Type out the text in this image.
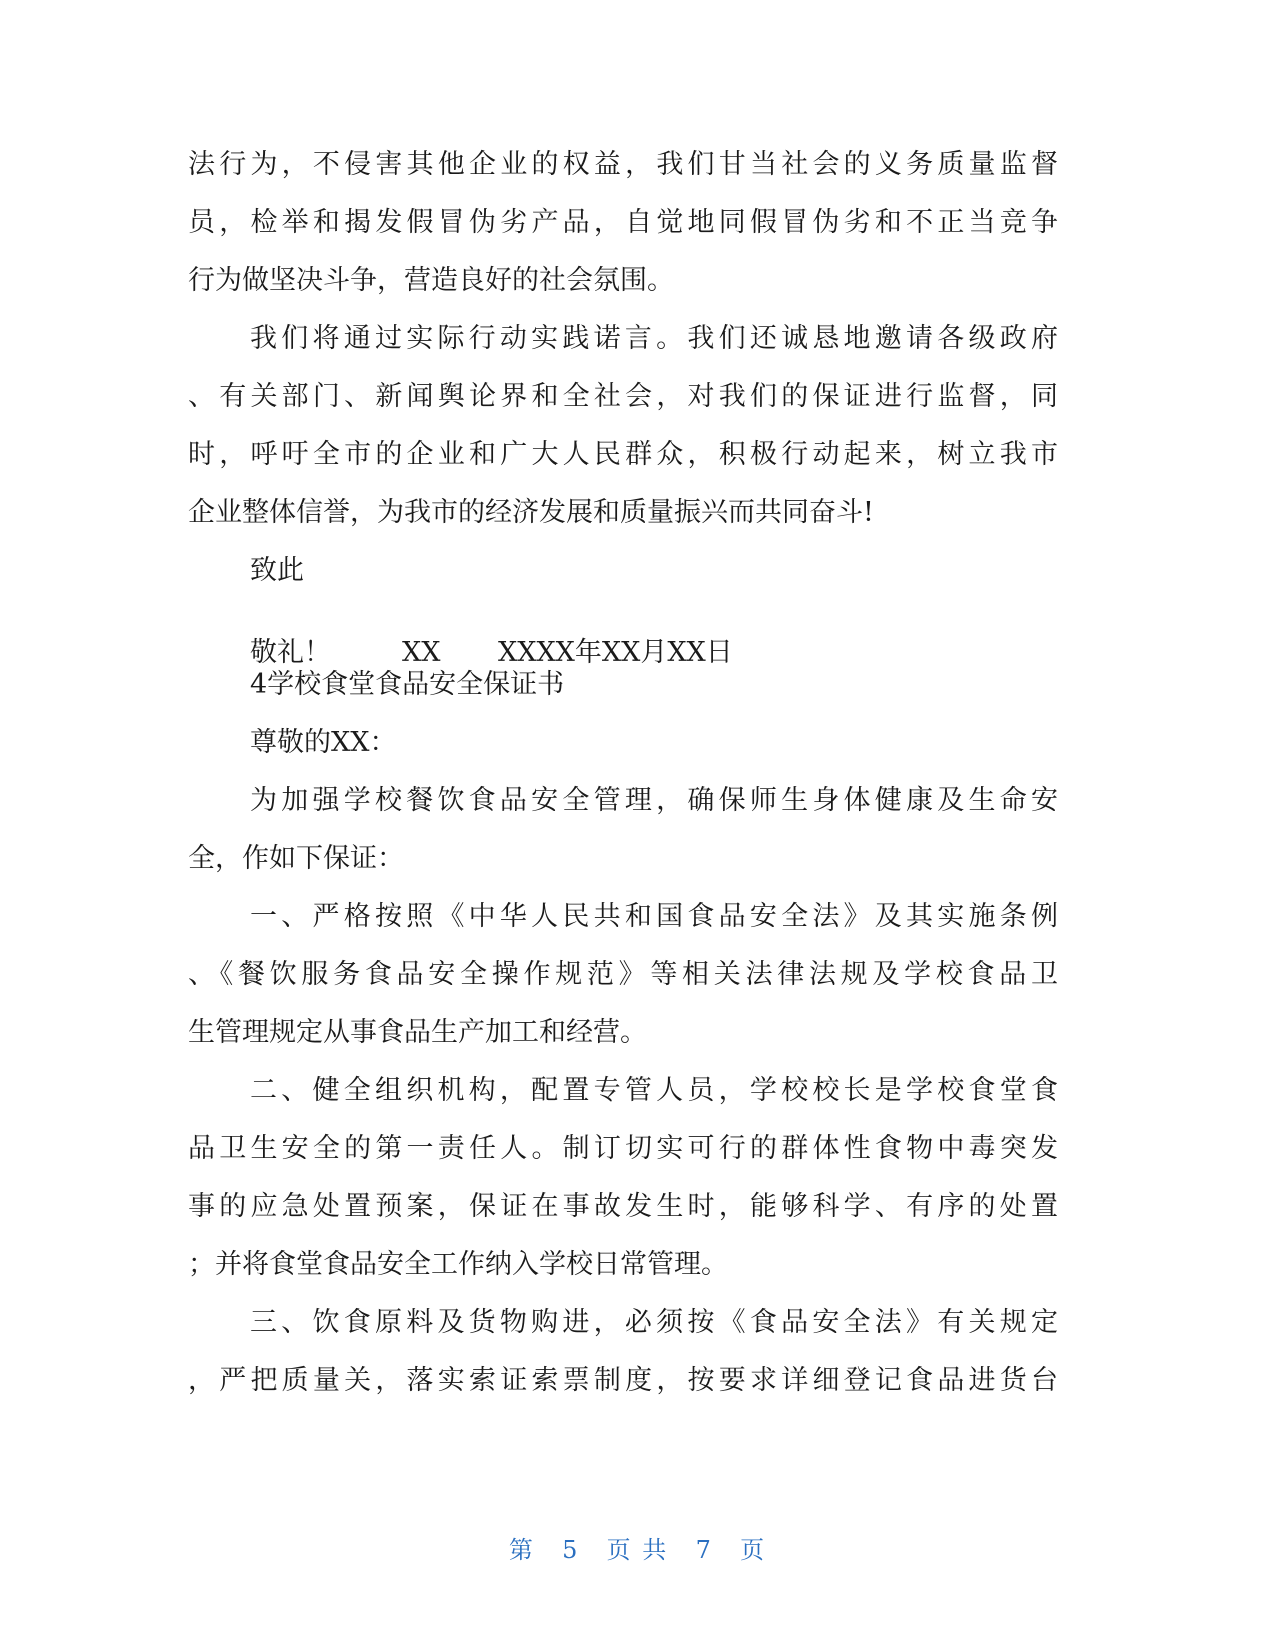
法行为，不侵害其他企业的权益，我们甘当社会的义务质量监督
员，检举和揭发假冒伪劣产品，自觉地同假冒伪劣和不正当竞争
行为做坚决斗争，营造良好的社会氛围。
我们将通过实际行动实践诺言。我们还诚恳地邀请各级政府
、有关部门、新闻舆论界和全社会，对我们的保证进行监督，同
时，呼吁全市的企业和广大人民群众，积极行动起来，树立我市
企业整体信誉，为我市的经济发展和质量振兴而共同奋斗!
致此
敬礼！	XX XXXX年XX月XX日
4学校食堂食品安全保证书
尊敬的XX：
为加强学校餐饮食品安全管理，确保师生身体健康及生命安
全，作如下保证：
一、严格按照《中华人民共和国食品安全法》及其实施条例
、《餐饮服务食品安全操作规范》等相关法律法规及学校食品卫
生管理规定从事食品生产加工和经营。
二、健全组织机构，配置专管人员，学校校长是学校食堂食
品卫生安全的第一责任人。制订切实可行的群体性食物中毒突发
事的应急处置预案，保证在事故发生时，能够科学、有序的处置
；并将食堂食品安全工作纳入学校日常管理。
三、饮食原料及货物购进，必须按《食品安全法》有关规定
，严把质量关，落实索证索票制度，按要求详细登记食品进货台
第 5 页 共 7 页
